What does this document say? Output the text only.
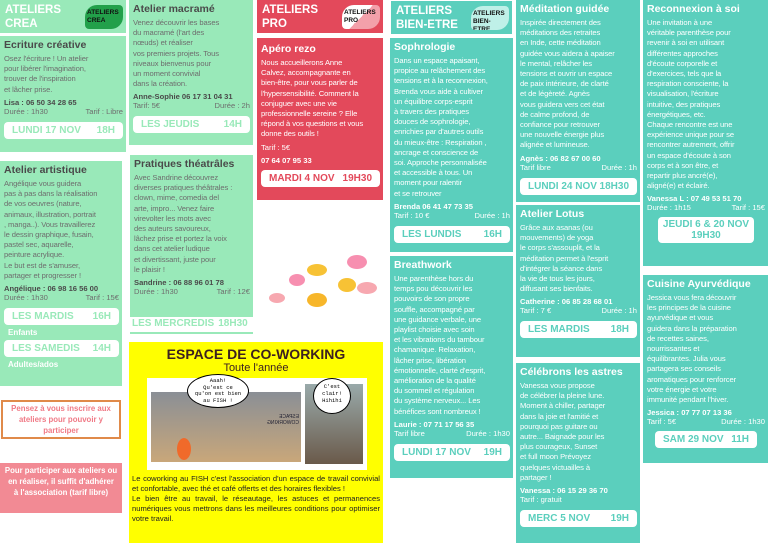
ATELIERS
CREA
ATELIERS CREA
ATELIERS
PRO
ATELIERS PRO
ATELIERS
BIEN-ETRE
ATELIERS BIEN-ETRE
Ecriture créative

Osez l'écriture ! Un atelier
pour libérer l'imagination,
trouver de l'inspiration
et lâcher prise.

Lisa : 06 50 34 28 65
Durée : 1h30	Tarif : Libre
LUNDI 17 NOV 18H
Atelier macramé

Venez découvrir les bases
du macramé (l'art des
nœuds) et réaliser
vos premiers projets. Tous
niveaux bienvenus pour
un moment convivial
dans la création.

Anne-Sophie 06 17 31 04 31
Tarif: 5€	Durée : 2h
LES JEUDIS 14H
Atelier artistique

Angélique vous guidera
pas à pas dans la réalisation
de vos oeuvres (nature,
animaux, illustration, portrait
, manga..). Vous travaillerez
le dessin graphique, fusain,
pastel sec, aquarelle,
peinture acrylique.
Le but est de s'amuser,
partager et progresser !

Angélique : 06 98 16 56 00
Durée : 1h30	Tarif : 15€
LES MARDIS 16H
Enfants
LES SAMEDIS 14H
Adultes/ados
Pratiques théatrâles

Avec Sandrine découvrez
diverses pratiques théâtrales :
clown, mime, comedia del
arte, impro... Venez faire
virevolter les mots avec
des auteurs savoureux,
lâchez prise et portez la voix
dans cet atelier ludique
et divertissant, juste pour
le plaisir !

Sandrine : 06 88 96 01 78
Durée : 1h30	Tarif : 12€
LES MERCREDIS 18H30
Apéro rezo

Nous accueillerons Anne
Calvez, accompagnante en
bien-être, pour vous parler de
l'hypersensibilité. Comment la
conjuguer avec une vie
professionnelle sereine ? Elle
répond à vos questions et vous
donne des outils !

Tarif : 5€
07 64 07 95 33
MARDI 4 NOV 19H30
Sophrologie

Dans un espace apaisant,
propice au relâchement des
tensions et à la reconnexion,
Brenda vous aide à cultiver
un équilibre corps-esprit
à travers des pratiques
douces de sophrologie,
enrichies par d'autres outils
du mieux-être : Respiration ,
ancrage et conscience de
soi. Approche personnalisée
et accessible à tous. Un
moment pour ralentir
et se retrouver

Brenda 06 41 47 73 35
Tarif : 10 €	Durée : 1h
LES LUNDIS 16H
Breathwork

Une parenthèse hors du
temps pou découvrir les
pouvoirs de son propre
souffle, accompagné par
une guidance verbale, une
playlist choisie avec soin
et les vibrations du tambour
chamanique. Relaxation,
lâcher prise, libération
émotionnelle, clarté d'esprit,
amélioration de la qualité
du sommeil et régulation
du système nerveux... Les
bénéfices sont nombreux !

Laurie : 07 71 17 56 35
Tarif libre	Durée : 1h30
LUNDI 17 NOV 19H
Méditation guidée

Inspirée directement des
méditations des retraites
en Inde, cette méditation
guidée vous aidera à apaiser
le mental, relâcher les
tensions et ouvrir un espace
de paix intérieure, de clarté
et de légèreté. Agnès
vous guidera vers cet état
de calme profond, de
confiance pour retrouver
une nouvelle énergie plus
alignée et lumineuse.

Agnès : 06 82 67 00 60
Tarif libre	Durée : 1h
LUNDI 24 NOV 18H30
Atelier Lotus

Grâce aux asanas (ou
mouvements) de yoga
le corps s'assouplit, et la
méditation permet à l'esprit
d'intégrer la séance dans
la vie de tous les jours,
diffusant ses bienfaits.

Catherine : 06 85 28 68 01
Tarif : 7 €	Durée : 1h
LES MARDIS 18H
Célébrons les astres

Vanessa vous propose
de célébrer la pleine lune.
Moment à chiller, partager
dans la joie et l'amitié et
pourquoi pas guitare ou
autre... Baignade pour les
plus courageux, Sunset
et full moon Prévoyez
quelques victuailles à
partager !

Vanessa : 06 15 29 36 70
Tarif : gratuit
MERC 5 NOV 19H
Reconnexion à soi

Une invitation à une
véritable parenthèse pour
revenir à soi en utilisant
différentes approches
d'écoute corporelle et
d'exercices, tels que la
respiration consciente, la
visualisation, l'écriture
intuitive, des pratiques
énergétiques, etc.
Chaque rencontre est une
expérience unique pour se
rencontrer autrement, offrir
un espace d'écoute à son
corps et à son être, et
repartir plus ancré(e),
aligné(e) et éclairé.

Vanessa L : 07 49 53 51 70
Durée : 1h15	Tarif : 15€
JEUDI 6 & 20 NOV
19H30
Cuisine Ayurvédique

Jessica vous fera découvrir
les principes de la cuisine
ayurvédique et vous
guidera dans la préparation
de recettes saines,
nourrissantes et
équilibrantes. Julia vous
partagera ses conseils
aromatiques pour renforcer
votre énergie et votre
immunité pendant l'hiver.

Jessica : 07 77 07 13 36
Tarif : 5€	Durée : 1h30
SAM 29 NOV 11H
Pensez à vous inscrire aux ateliers pour pouvoir y participer
Pour participer aux ateliers ou en réaliser, il suffit d'adhérer
à l'association (tarif libre)
ESPACE DE CO-WORKING
Toute l'année
ESPACE COWORKING
Aaah!
Qu'est ce
qu'on est bien
au FISH !
C'est
clair!
Hihihi

Le coworking au FISH c'est l'association d'un espace de travail convivial et confortable, avec thé et café offerts et des horaires flexibles !

Le bien être au travail, le réseautage, les astuces et permanences numériques vous mettrons dans les meilleures conditions pour optimiser votre travail.
